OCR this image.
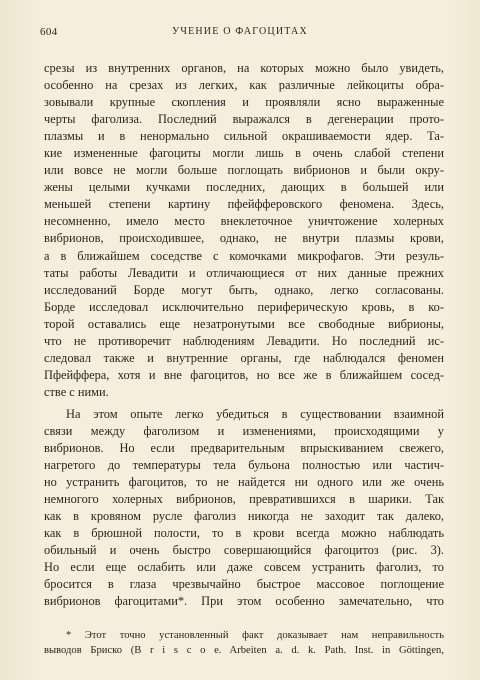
604	УЧЕНИЕ О ФАГОЦИТАХ
срезы из внутренних органов, на которых можно было увидеть,
особенно на срезах из легких, как различные лейкоциты обра-
зовывали крупные скопления и проявляли ясно выраженные
черты фаголиза. Последний выражался в дегенерации прото-
плазмы и в ненормально сильной окрашиваемости ядер. Та-
кие измененные фагоциты могли лишь в очень слабой степени
или вовсе не могли больше поглощать вибрионов и были окру-
жены целыми кучками последних, дающих в большей или
меньшей степени картину пфейфферовского феномена. Здесь,
несомненно, имело место внеклеточное уничтожение холерных
вибрионов, происходившее, однако, не внутри плазмы крови,
а в ближайшем соседстве с комочками микрофагов. Эти резуль-
таты работы Левадити и отличающиеся от них данные прежних
исследований Борде могут быть, однако, легко согласованы.
Борде исследовал исключительно периферическую кровь, в ко-
торой оставались еще незатронутыми все свободные вибрионы,
что не противоречит наблюдениям Левадити. Но последний ис-
следовал также и внутренние органы, где наблюдался феномен
Пфейффера, хотя и вне фагоцитов, но все же в ближайшем сосед-
стве с ними.
На этом опыте легко убедиться в существовании взаимной
связи между фаголизом и изменениями, происходящими у
вибрионов. Но если предварительным впрыскиванием свежего,
нагретого до температуры тела бульона полностью или частич-
но устранить фагоцитов, то не найдется ни одного или же очень
немногого холерных вибрионов, превратившихся в шарики. Так
как в кровяном русле фаголиз никогда не заходит так далеко,
как в брюшной полости, то в крови всегда можно наблюдать
обильный и очень быстро совершающийся фагоцитоз (рис. 3).
Но если еще ослабить или даже совсем устранить фаголиз, то
бросится в глаза чрезвычайно быстрое массовое поглощение
вибрионов фагоцитами*. При этом особенно замечательно, что
* Этот точно установленный факт доказывает нам неправильность
выводов Бриско (B r i s c o e. Arbeiten a. d. k. Path. Inst. in Göttingen,
